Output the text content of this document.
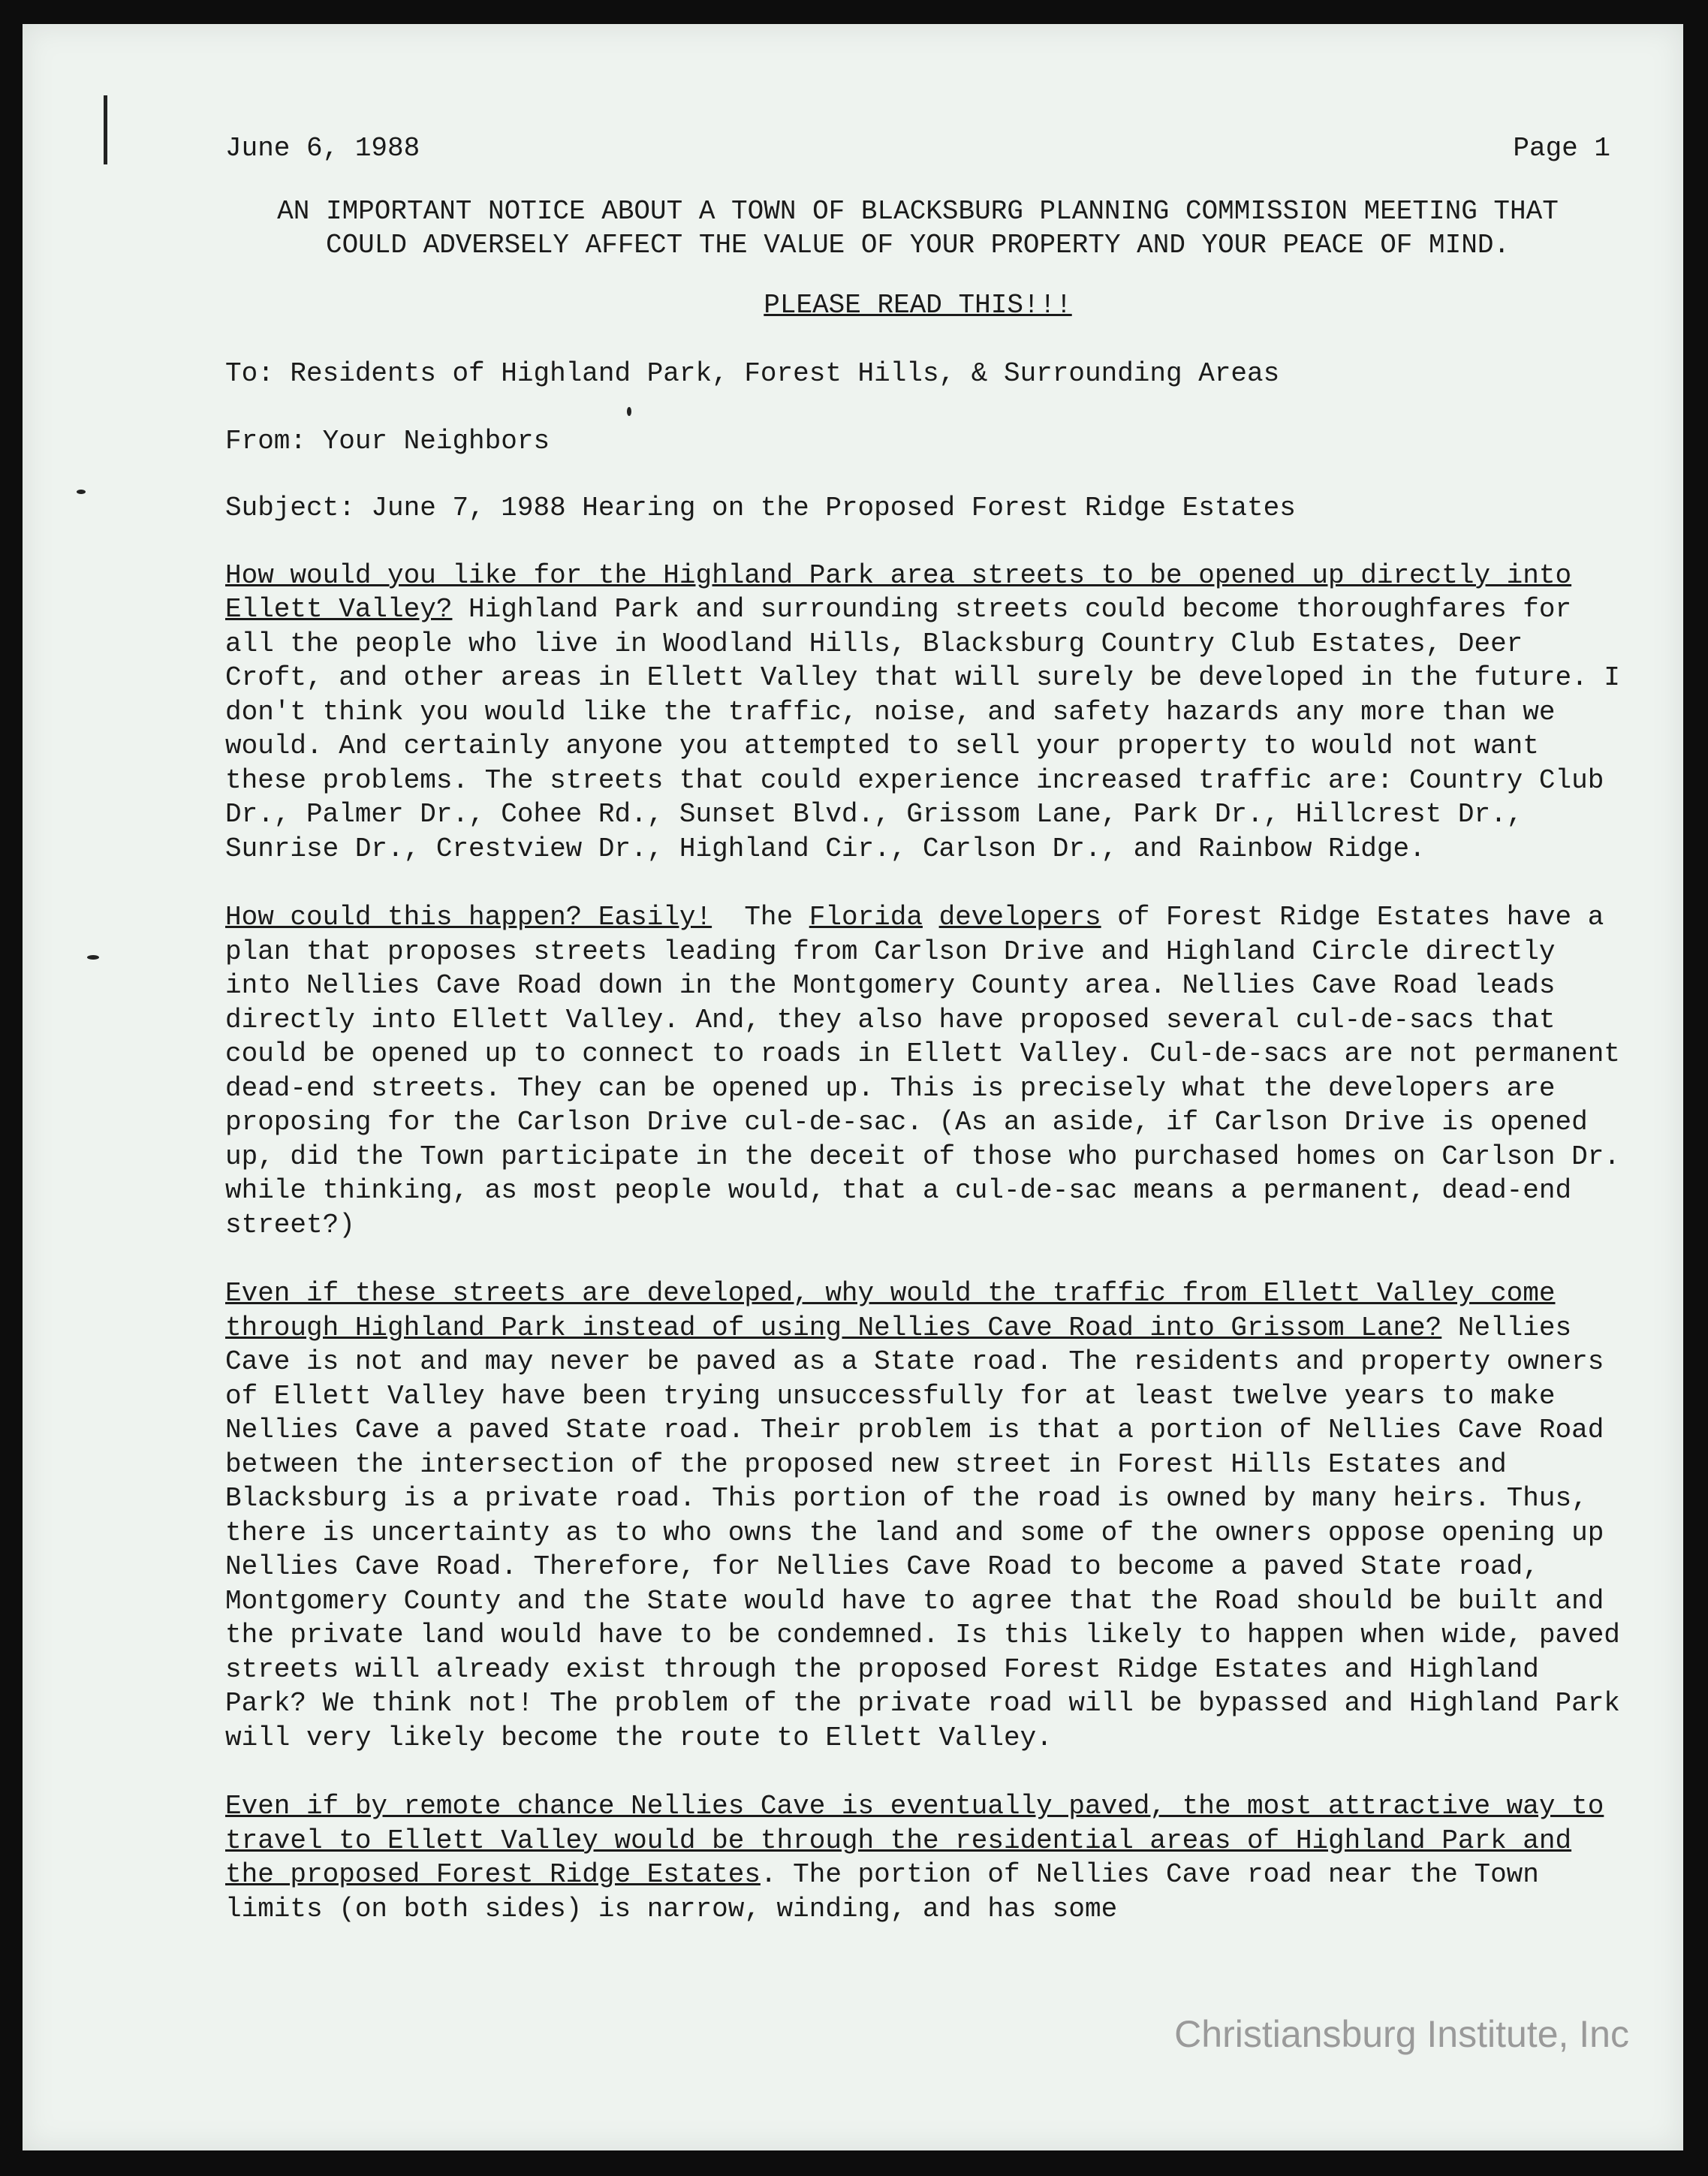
June 6, 1988	Page 1
AN IMPORTANT NOTICE ABOUT A TOWN OF BLACKSBURG PLANNING COMMISSION MEETING THAT
COULD ADVERSELY AFFECT THE VALUE OF YOUR PROPERTY AND YOUR PEACE OF MIND.
PLEASE READ THIS!!!
To: Residents of Highland Park, Forest Hills, & Surrounding Areas
From: Your Neighbors
Subject: June 7, 1988 Hearing on the Proposed Forest Ridge Estates
How would you like for the Highland Park area streets to be opened up directly into Ellett Valley? Highland Park and surrounding streets could become thoroughfares for all the people who live in Woodland Hills, Blacksburg Country Club Estates, Deer Croft, and other areas in Ellett Valley that will surely be developed in the future. I don't think you would like the traffic, noise, and safety hazards any more than we would. And certainly anyone you attempted to sell your property to would not want these problems. The streets that could experience increased traffic are: Country Club Dr., Palmer Dr., Cohee Rd., Sunset Blvd., Grissom Lane, Park Dr., Hillcrest Dr., Sunrise Dr., Crestview Dr., Highland Cir., Carlson Dr., and Rainbow Ridge.
How could this happen? Easily!  The Florida developers of Forest Ridge Estates have a plan that proposes streets leading from Carlson Drive and Highland Circle directly into Nellies Cave Road down in the Montgomery County area. Nellies Cave Road leads directly into Ellett Valley. And, they also have proposed several cul-de-sacs that could be opened up to connect to roads in Ellett Valley. Cul-de-sacs are not permanent dead-end streets. They can be opened up. This is precisely what the developers are proposing for the Carlson Drive cul-de-sac. (As an aside, if Carlson Drive is opened up, did the Town participate in the deceit of those who purchased homes on Carlson Dr. while thinking, as most people would, that a cul-de-sac means a permanent, dead-end street?)
Even if these streets are developed, why would the traffic from Ellett Valley come through Highland Park instead of using Nellies Cave Road into Grissom Lane? Nellies Cave is not and may never be paved as a State road. The residents and property owners of Ellett Valley have been trying unsuccessfully for at least twelve years to make Nellies Cave a paved State road. Their problem is that a portion of Nellies Cave Road between the intersection of the proposed new street in Forest Hills Estates and Blacksburg is a private road. This portion of the road is owned by many heirs. Thus, there is uncertainty as to who owns the land and some of the owners oppose opening up Nellies Cave Road. Therefore, for Nellies Cave Road to become a paved State road, Montgomery County and the State would have to agree that the Road should be built and the private land would have to be condemned. Is this likely to happen when wide, paved streets will already exist through the proposed Forest Ridge Estates and Highland Park? We think not! The problem of the private road will be bypassed and Highland Park will very likely become the route to Ellett Valley.
Even if by remote chance Nellies Cave is eventually paved, the most attractive way to travel to Ellett Valley would be through the residential areas of Highland Park and the proposed Forest Ridge Estates. The portion of Nellies Cave road near the Town limits (on both sides) is narrow, winding, and has some
Christiansburg Institute, Inc
